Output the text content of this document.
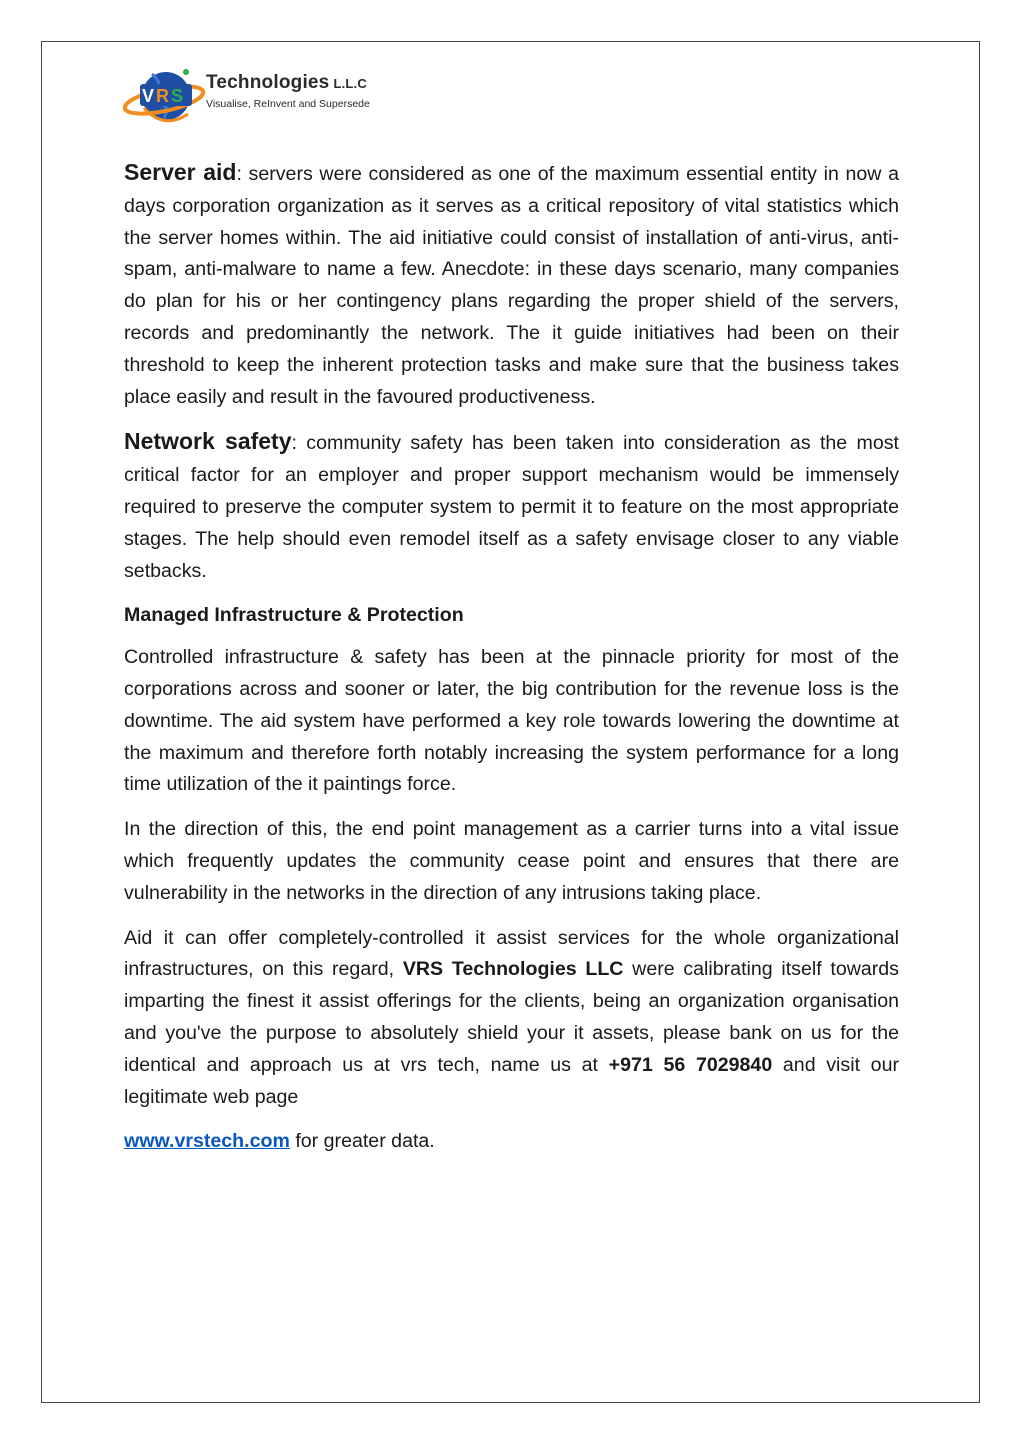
V R S
Technologies L.L.C
Visualise, ReInvent and Supersede

Server aid: servers were considered as one of the maximum essential entity in now a days corporation organization as it serves as a critical repository of vital statistics which the server homes within. The aid initiative could consist of installation of anti-virus, anti-spam, anti-malware to name a few. Anecdote: in these days scenario, many companies do plan for his or her contingency plans regarding the proper shield of the servers, records and predominantly the network. The it guide initiatives had been on their threshold to keep the inherent protection tasks and make sure that the business takes place easily and result in the favoured productiveness.

Network safety: community safety has been taken into consideration as the most critical factor for an employer and proper support mechanism would be immensely required to preserve the computer system to permit it to feature on the most appropriate stages. The help should even remodel itself as a safety envisage closer to any viable setbacks.

Managed Infrastructure & Protection

Controlled infrastructure & safety has been at the pinnacle priority for most of the corporations across and sooner or later, the big contribution for the revenue loss is the downtime. The aid system have performed a key role towards lowering the downtime at the maximum and therefore forth notably increasing the system performance for a long time utilization of the it paintings force.

In the direction of this, the end point management as a carrier turns into a vital issue which frequently updates the community cease point and ensures that there are vulnerability in the networks in the direction of any intrusions taking place.

Aid it can offer completely-controlled it assist services for the whole organizational infrastructures, on this regard, VRS Technologies LLC were calibrating itself towards imparting the finest it assist offerings for the clients, being an organization organisation and you've the purpose to absolutely shield your it assets, please bank on us for the identical and approach us at vrs tech, name us at +971 56 7029840 and visit our legitimate web page

www.vrstech.com for greater data.
